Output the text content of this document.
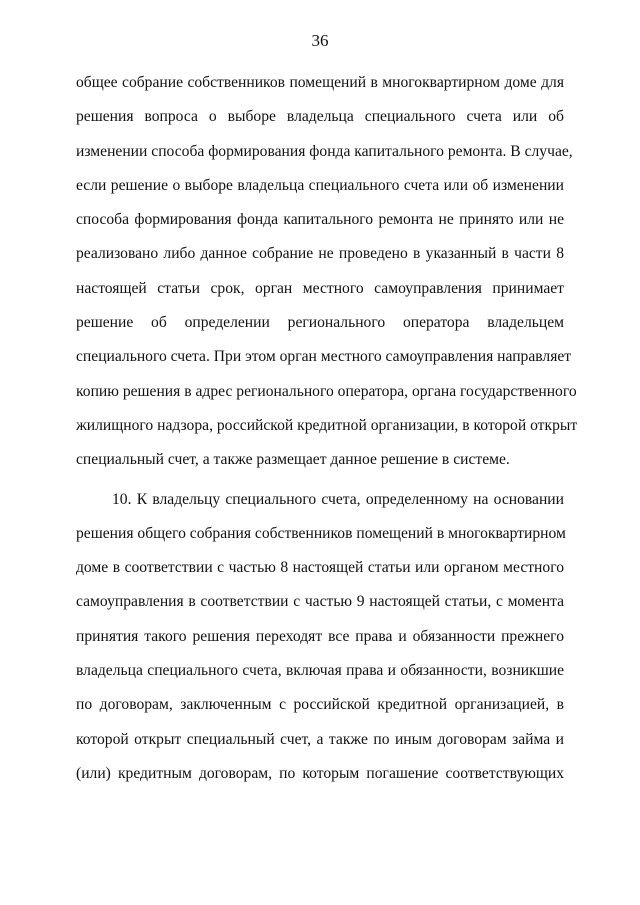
36
общее собрание собственников помещений в многоквартирном доме для
решения вопроса о выборе владельца специального счета или об
изменении способа формирования фонда капитального ремонта. В случае,
если решение о выборе владельца специального счета или об изменении
способа формирования фонда капитального ремонта не принято или не
реализовано либо данное собрание не проведено в указанный в части 8
настоящей статьи срок, орган местного самоуправления принимает
решение об определении регионального оператора владельцем
специального счета. При этом орган местного самоуправления направляет
копию решения в адрес регионального оператора, органа государственного
жилищного надзора, российской кредитной организации, в которой открыт
специальный счет, а также размещает данное решение в системе.
10. К владельцу специального счета, определенному на основании
решения общего собрания собственников помещений в многоквартирном
доме в соответствии с частью 8 настоящей статьи или органом местного
самоуправления в соответствии с частью 9 настоящей статьи, с момента
принятия такого решения переходят все права и обязанности прежнего
владельца специального счета, включая права и обязанности, возникшие
по договорам, заключенным с российской кредитной организацией, в
которой открыт специальный счет, а также по иным договорам займа и
(или) кредитным договорам, по которым погашение соответствующих
